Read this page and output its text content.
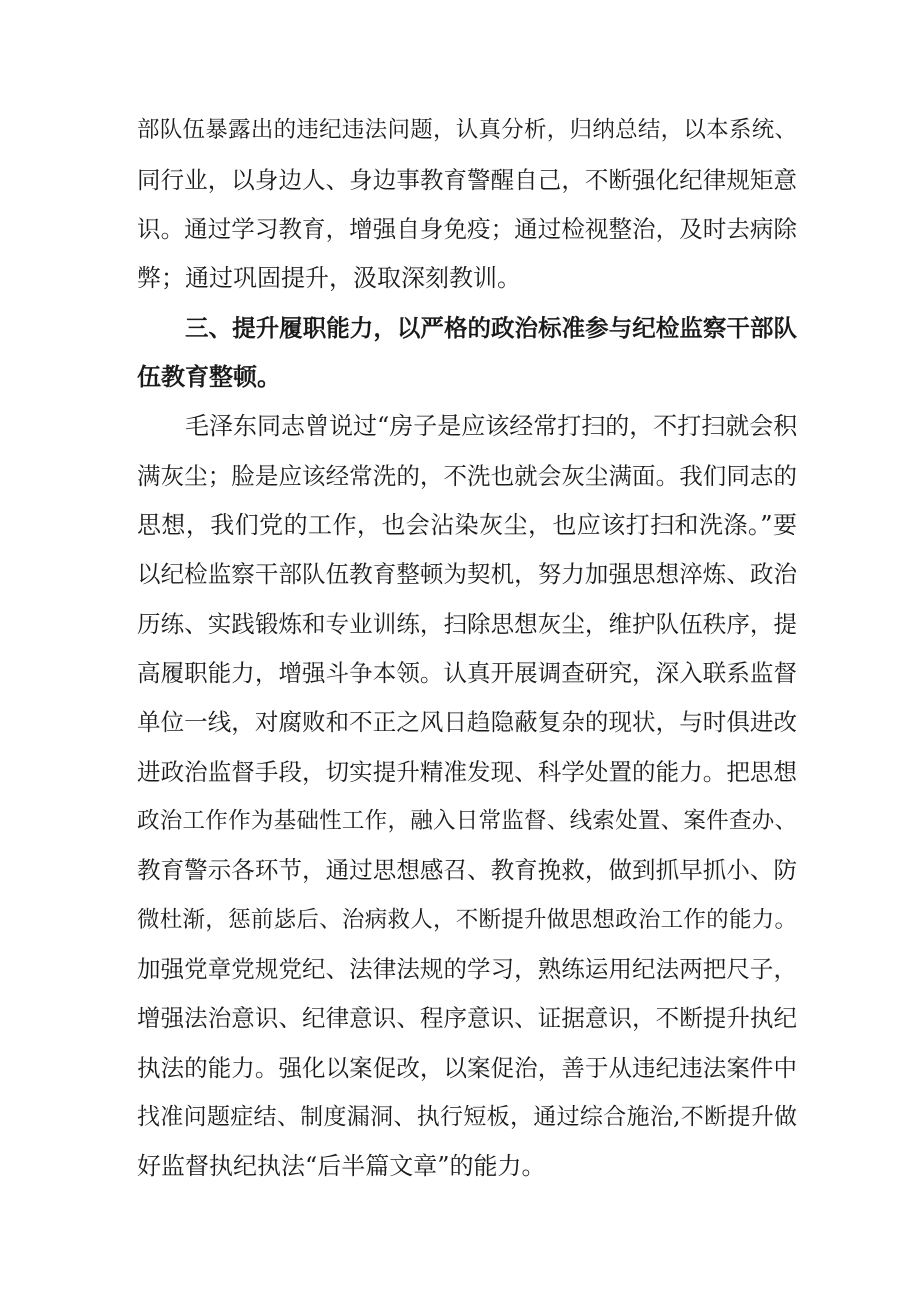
部队伍暴露出的违纪违法问题，认真分析，归纳总结，以本系统、
同行业，以身边人、身边事教育警醒自己，不断强化纪律规矩意
识。通过学习教育，增强自身免疫；通过检视整治，及时去病除
弊；通过巩固提升，汲取深刻教训。
三、提升履职能力，以严格的政治标准参与纪检监察干部队
伍教育整顿。
毛泽东同志曾说过“房子是应该经常打扫的，不打扫就会积
满灰尘；脸是应该经常洗的，不洗也就会灰尘满面。我们同志的
思想，我们党的工作，也会沾染灰尘，也应该打扫和洗涤。”要
以纪检监察干部队伍教育整顿为契机，努力加强思想淬炼、政治
历练、实践锻炼和专业训练，扫除思想灰尘，维护队伍秩序，提
高履职能力，增强斗争本领。认真开展调查研究，深入联系监督
单位一线，对腐败和不正之风日趋隐蔽复杂的现状，与时俱进改
进政治监督手段，切实提升精准发现、科学处置的能力。把思想
政治工作作为基础性工作，融入日常监督、线索处置、案件查办、
教育警示各环节，通过思想感召、教育挽救，做到抓早抓小、防
微杜渐，惩前毖后、治病救人，不断提升做思想政治工作的能力。
加强党章党规党纪、法律法规的学习，熟练运用纪法两把尺子，
增强法治意识、纪律意识、程序意识、证据意识，不断提升执纪
执法的能力。强化以案促改，以案促治，善于从违纪违法案件中
找准问题症结、制度漏洞、执行短板，通过综合施治,不断提升做
好监督执纪执法“后半篇文章”的能力。
